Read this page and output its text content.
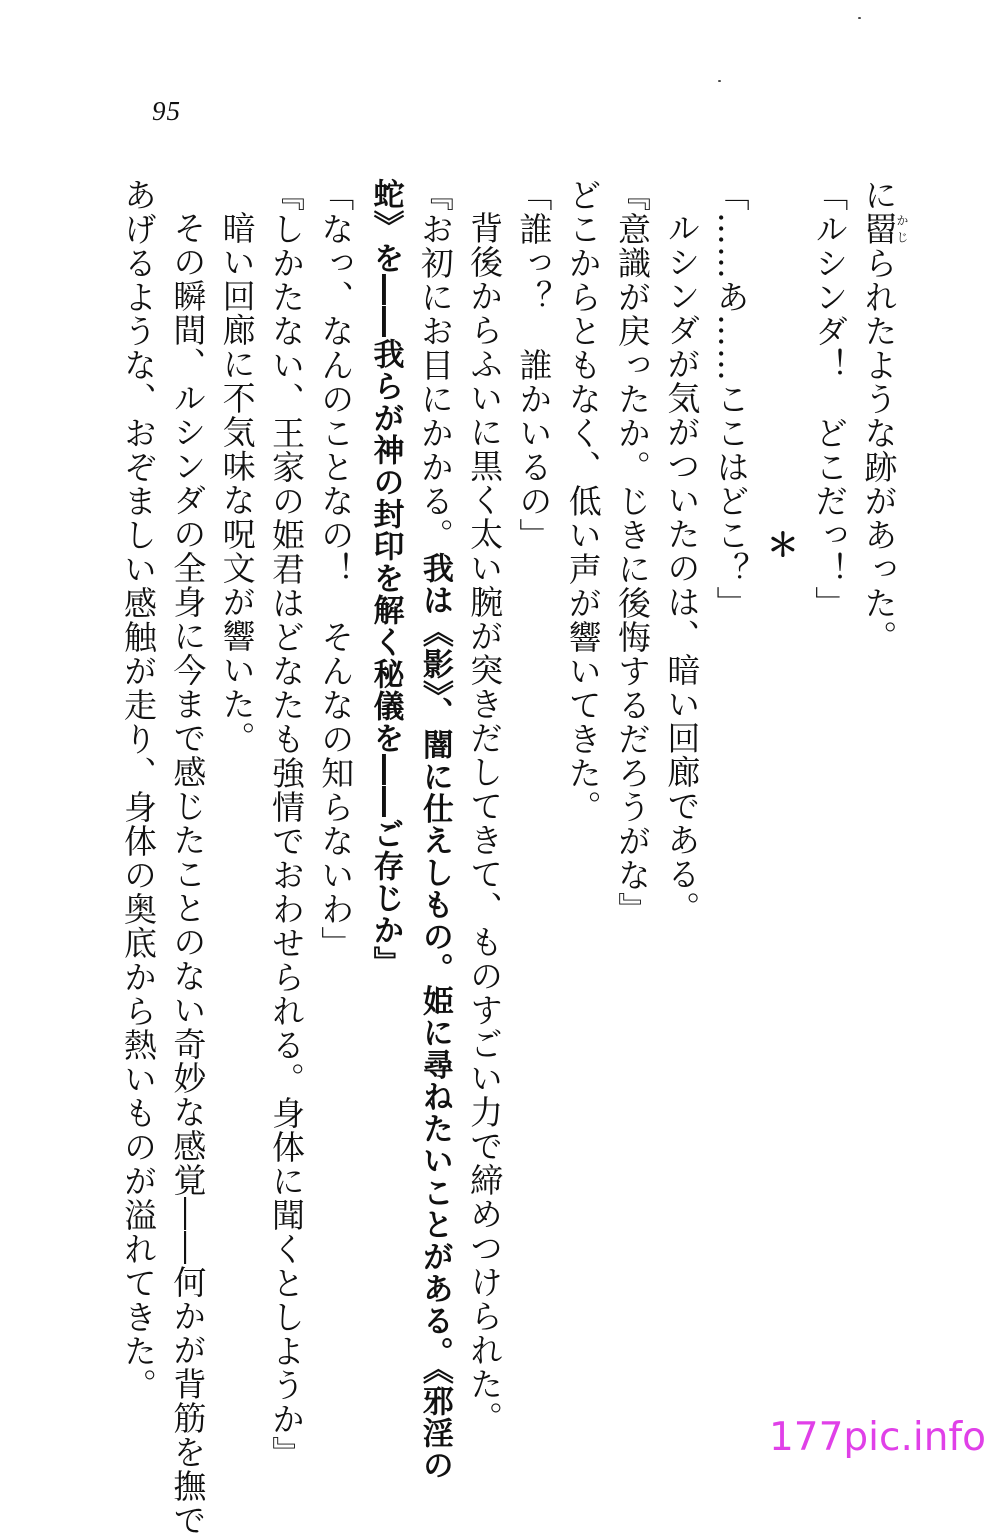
95
に罶かじられたような跡があった。
「ルシンダ！　どこだっ！」
＊
「……あ……ここはどこ？」
ルシンダが気がついたのは、暗い回廊である。
『意識が戻ったか。じきに後悔するだろうがな』
どこからともなく、低い声が響いてきた。
「誰っ？　誰かいるの」
背後からふいに黒く太い腕が突きだしてきて、ものすごい力で締めつけられた。
『お初にお目にかかる。我は《影》、闇に仕えしもの。姫に尋ねたいことがある。《邪淫の
蛇》を――我らが神の封印を解く秘儀を――ご存じか』
「なっ、なんのことなの！　そんなの知らないわ」
『しかたない、王家の姫君はどなたも強情でおわせられる。身体に聞くとしようか』
暗い回廊に不気味な呪文が響いた。
その瞬間、ルシンダの全身に今まで感じたことのない奇妙な感覚――何かが背筋を撫で
あげるような、おぞましい感触が走り、身体の奥底から熱いものが溢れてきた。
177pic.info
